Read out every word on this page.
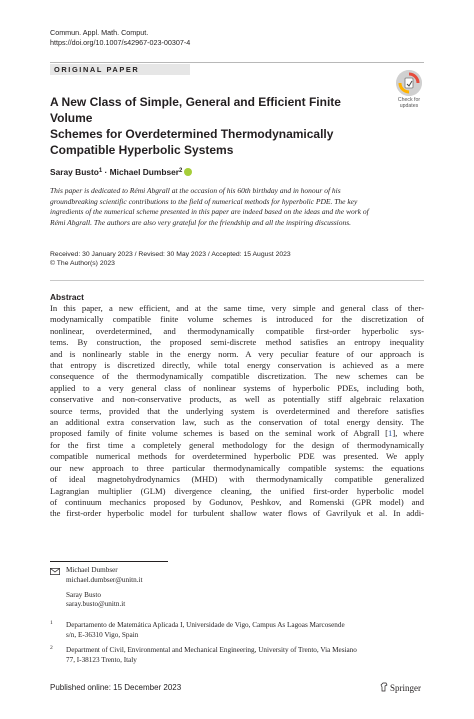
Commun. Appl. Math. Comput.
https://doi.org/10.1007/s42967-023-00307-4
ORIGINAL PAPER
Check for
updates
A New Class of Simple, General and Efficient Finite Volume
Schemes for Overdetermined Thermodynamically
Compatible Hyperbolic Systems
Saray Busto$^1$ · Michael Dumbser$^2$
This paper is dedicated to Rémi Abgrall at the occasion of his 60th birthday and in honour of his
groundbreaking scientific contributions to the field of numerical methods for hyperbolic PDE. The key
ingredients of the numerical scheme presented in this paper are indeed based on the ideas and the work of
Rémi Abgrall. The authors are also very grateful for the friendship and all the inspiring discussions.
Received: 30 January 2023 / Revised: 30 May 2023 / Accepted: 15 August 2023
© The Author(s) 2023
Abstract
In this paper, a new efficient, and at the same time, very simple and general class of ther-
modynamically compatible finite volume schemes is introduced for the discretization of
nonlinear, overdetermined, and thermodynamically compatible first-order hyperbolic sys-
tems. By construction, the proposed semi-discrete method satisfies an entropy inequality
and is nonlinearly stable in the energy norm. A very peculiar feature of our approach is
that entropy is discretized directly, while total energy conservation is achieved as a mere
consequence of the thermodynamically compatible discretization. The new schemes can be
applied to a very general class of nonlinear systems of hyperbolic PDEs, including both,
conservative and non-conservative products, as well as potentially stiff algebraic relaxation
source terms, provided that the underlying system is overdetermined and therefore satisfies
an additional extra conservation law, such as the conservation of total energy density. The
proposed family of finite volume schemes is based on the seminal work of Abgrall [1], where
for the first time a completely general methodology for the design of thermodynamically
compatible numerical methods for overdetermined hyperbolic PDE was presented. We apply
our new approach to three particular thermodynamically compatible systems: the equations
of ideal magnetohydrodynamics (MHD) with thermodynamically compatible generalized
Lagrangian multiplier (GLM) divergence cleaning, the unified first-order hyperbolic model
of continuum mechanics proposed by Godunov, Peshkov, and Romenski (GPR model) and
the first-order hyperbolic model for turbulent shallow water flows of Gavrilyuk et al. In addi-
Michael Dumbser
michael.dumbser@unitn.it
Saray Busto
saray.busto@unitn.it
1 Departamento de Matemática Aplicada I, Universidade de Vigo, Campus As Lagoas Marcosende
s/n, E-36310 Vigo, Spain
2 Department of Civil, Environmental and Mechanical Engineering, University of Trento, Via Mesiano
77, I-38123 Trento, Italy
Published online: 15 December 2023	Springer
